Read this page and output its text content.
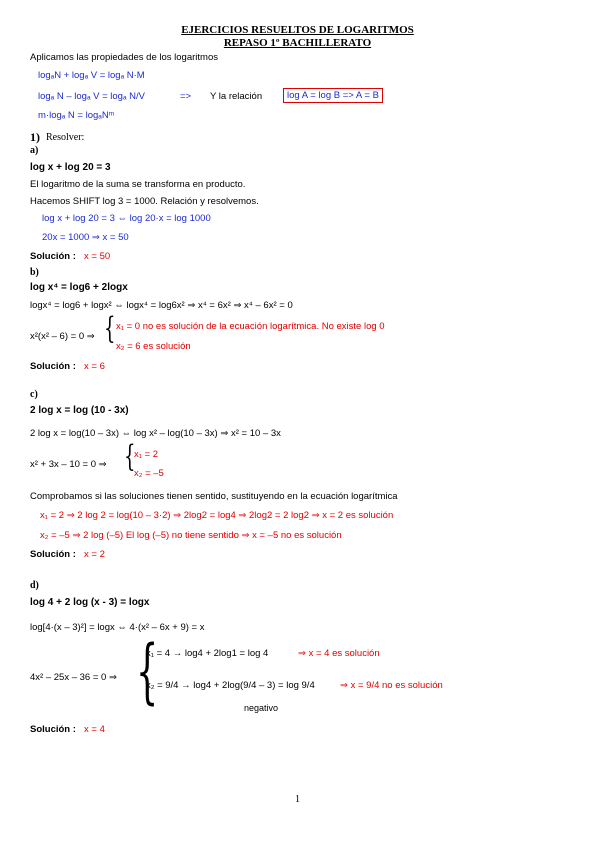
EJERCICIOS RESUELTOS DE LOGARITMOS
REPASO 1º BACHILLERATO
Aplicamos las propiedades de los logaritmos
logₐN + logₐ V = logₐ N·M
logₐ N – logₐ V = logₐ N/V	=> Y la relación	log A = log B => A = B
m·logₐ N = logₐNᵐ
1) Resolver:
a)
log x + log 20 = 3
El logaritmo de la suma se transforma en producto.
Hacemos SHIFT log 3 = 1000. Relación y resolvemos.
log x + log 20 = 3 ⇔ log 20·x = log 1000
20x = 1000 ⇒ x = 50
Solución : x = 50
b)
log x⁴ = log6 + 2logx
logx⁴ = log6 + logx² ⇔ logx⁴ = log6x² ⇒ x⁴ = 6x² ⇒ x⁴ – 6x² = 0
x²(x² – 6) = 0 ⇒ { x₁ = 0 no es solución de la ecuación logarítmica. No existe log 0
x₂ = 6 es solución
Solución : x = 6
c)
2 log x = log (10 - 3x)
2 log x = log(10 – 3x) ⇔ log x² – log(10 – 3x) ⇒ x² = 10 – 3x
x² + 3x – 10 = 0 ⇒ {
x₁ = 2
x₂ = –5
Comprobamos si las soluciones tienen sentido, sustituyendo en la ecuación logarítmica
x₁ = 2 ⇒ 2 log 2 = log(10 – 3·2) ⇒ 2log2 = log4 ⇒ 2log2 = 2 log2 ⇒ x = 2 es solución
x₂ = –5 ⇒ 2 log (–5) El log (–5) no tiene sentido ⇒ x = –5 no es solución
Solución : x = 2
d)
log 4 + 2 log (x - 3) = logx
log[4·(x – 3)²] = logx ⇔ 4·(x² – 6x + 9) = x
4x² – 25x – 36 = 0 ⇒ {
x₁ = 4 → log4 + 2log1 = log 4	⇒ x = 4 es solución
x₂ = 9/4 → log4 + 2log(9/4 – 3) = log 9/4	⇒ x = 9/4 no es solución
negativo
Solución : x = 4
1
